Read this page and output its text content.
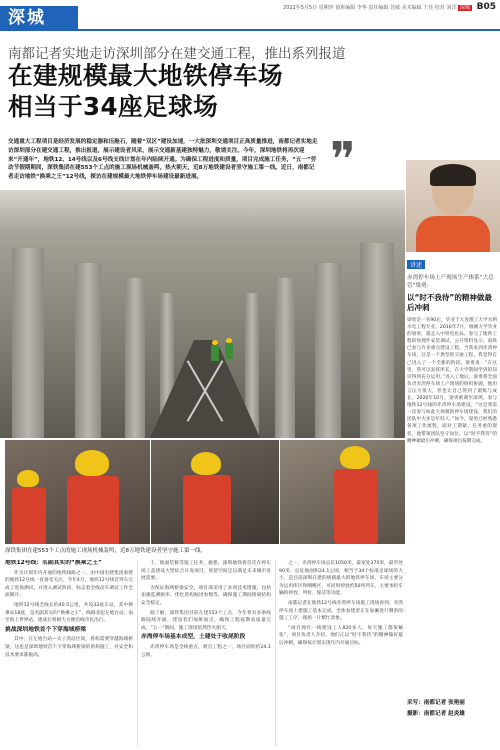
深城	2022年5月5日 星期四 值班编辑 李华 责任编辑 苏敏 美术编辑 王佳 校对 刘洋 深城 B05
南都记者实地走访深圳部分在建交通工程，推出系列报道
在建规模最大地铁停车场
相当于34座足球场
交通重大工程项目是经济发展的稳定器和压舱石，随着“双区”建设加速，一大批深圳交通项目正高质量推进，南都记者实地走访深圳部分在建交通工程，推出报道，展示建设者风采，展示交通新基建独特魅力，敬请关注。今年，深圳地铁将再次迎来“开通年”，地铁12、14号线以及6号线支线计划在年内陆续开通。为确保工程进度和质量，项目完成施工任务，“五一”劳动节假期期间，深铁集团在建553个工点的施工现场机械轰鸣，热火朝天，近8万地铁建设者坚守施工第一线。近日，南都记者走访地铁“换乘之王”12号线，探访在建规模最大地铁停车场建设最新进展。	❞
深铁集团在建553个工点的施工现场机械轰鸣，近8万地铁建设者坚守施工第一线。
讲述
赤湾停车场土产现场生产体系“大总管”梁勇：
以“时不我待”的精神做最后冲刺
梁勇是一名90后，毕业于大连理工大学水利水电工程专业。2016年7月，刚刚大学毕业的梁勇，就走入中铁电化局。参与了地铁工程的预埋件安装调试、公开资料显示，南铁已参与许多重点建设工程。当我来到赤湾停车场，这是一个典型的交通工程，我觉得自己进入了一个全新的阶段。梁勇说：“在这里，我可以发挥所长，在大学期间学到的知识得到充分运用。”进入工地后，梁勇将全面负责赤湾停车场土产现场的组织协调，他坦言压力很大，但也让自己得到了锻炼与成长。2020年10月，梁勇被调至深圳，参与地铁12号线的赤湾停车场建设。“这是我第一次参与如此大规模的停车场建设，我们的团队中大多是年轻人。”如今，梁勇已经熟悉各项工作流程，面对工期紧、任务重的现状，他带领团队坚守岗位，以“时不我待”的精神做最后冲刺，确保项目按期完成。
采写：南都记者 张艳丽
摄影：南都记者 赵炎雄
地铁12号线：名副其实的“换乘之王”

作为计划年内开通的地铁线路之一，由中国电建集团承建的地铁12号线一直备受关注。今年4月，地铁12号线首列车完成了进场测试，并进入调试阶段，标志着全线动车调试工作全面铺开。

地铁12号线全线长约40.5公里，共设33座车站，其中换乘站18座，是名副其实的“换乘之王”，线路北起左炮台站，南至海上世界站，建成后将极大方便沿线市民出行。

挑战深圳地铁首个下穿海域桥梁

其中，在左炮台站—太子湾站区间，盾构需要穿越海域桥梁，这也是深圳地铁首个下穿海域桥梁的盾构施工，对安全和技术要求都极高。

土、地面装修等施工任务，据悉，深圳地铁将首次在停车场上盖建设大型综合开发项目，预留空间足以满足未来城市发展需要。

为保证海域桥梁安全，项目部采用了多项技术措施，包括加强监测频率、优化盾构掘进参数等，确保施工期间桥梁结构安全稳定。

据了解，深铁集团目前在建553个工点，今年将有多条线路陆续开通，建设者们加班加点，确保工程按期高质量完成。“五一”期间，施工现场依然热火朝天。

赤湾停车场基本成型，土建处于收尾阶段

赤湾停车场是全线重点、难点工程之一，场区面积约24.1公顷。

之一，赤湾停车场总长1050米，最宽处370米，最窄处90米，总征地面积24.1公顷，相当于34个标准足球场的大小，是目前深圳在建的规模最大的地铁停车场，车场主要分为运用库区和咽喉区，可同时停放约50列列车，主要承担车辆的停放、列检、保洁等功能。

南都记者在地铁12号线赤湾停车场施工现场看到，赤湾停车场土建施工基本完成，全体参建者正在加紧进行剩余的施工工序，现场一片繁忙景象。

“项目现有一线建设工人820多人，每天施工都很紧张”，项目负责人介绍，他们正以“时不我待”的精神做好最后冲刺，确保按计划实现年内开通目标。
